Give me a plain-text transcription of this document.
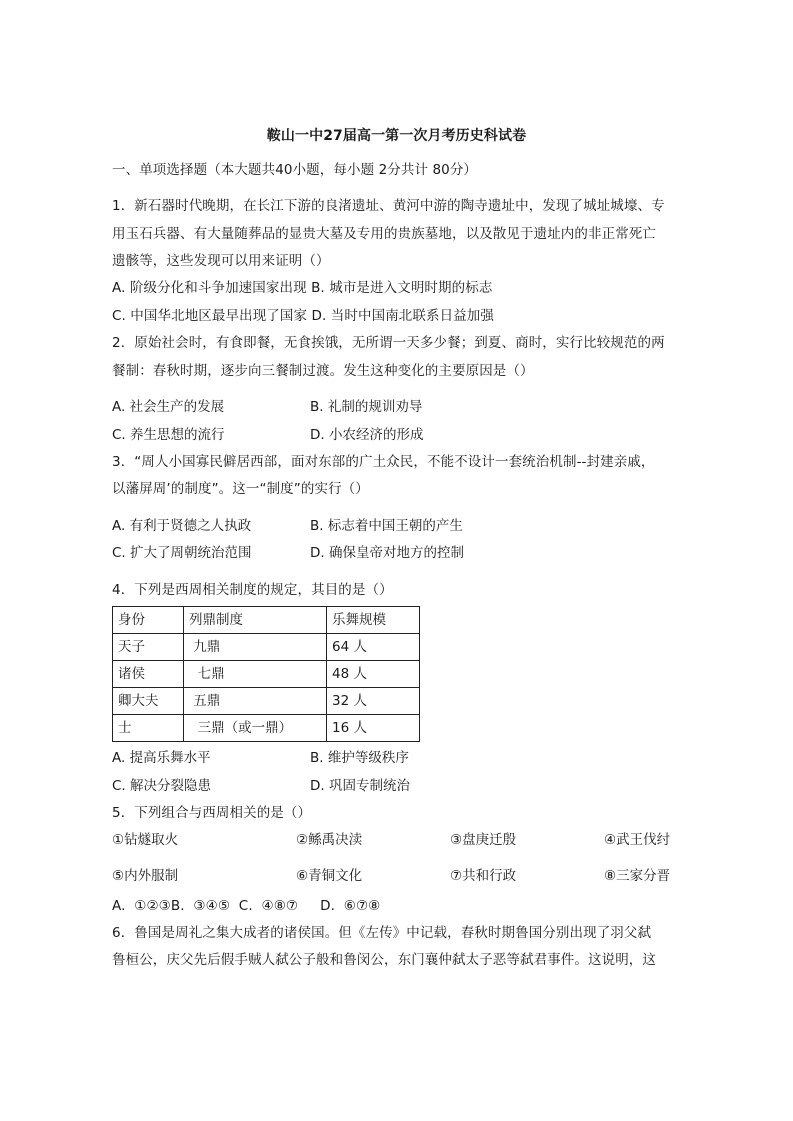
鞍山一中27届高一第一次月考历史科试卷
一、单项选择题（本大题共40小题，每小题 2分共计 80分）
1．新石器时代晚期，在长江下游的良渚遗址、黄河中游的陶寺遗址中，发现了城址城壕、专
用玉石兵器、有大量随葬品的显贵大墓及专用的贵族墓地，以及散见于遗址内的非正常死亡
遗骸等，这些发现可以用来证明（）
A. 阶级分化和斗争加速国家出现 B. 城市是进入文明时期的标志
C. 中国华北地区最早出现了国家 D. 当时中国南北联系日益加强
2．原始社会时，有食即餐，无食挨饿，无所谓一天多少餐；到夏、商时，实行比较规范的两
餐制：春秋时期，逐步向三餐制过渡。发生这种变化的主要原因是（）
A. 社会生产的发展	B. 礼制的规训劝导
C. 养生思想的流行	D. 小农经济的形成
3．“周人小国寡民僻居西部，面对东部的广土众民，不能不设计一套统治机制--封建亲戚，
以藩屏周’的制度”。这一“制度”的实行（）
A. 有利于贤德之人执政	B. 标志着中国王朝的产生
C. 扩大了周朝统治范围	D. 确保皇帝对地方的控制
4．下列是西周相关制度的规定，其目的是（）
身份	列鼎制度	乐舞规模
天子	九鼎	64 人
诸侯	七鼎	48 人
卿大夫	五鼎	32 人
士	三鼎（或一鼎）	16 人
A. 提高乐舞水平	B. 维护等级秩序
C. 解决分裂隐患	D. 巩固专制统治
5．下列组合与西周相关的是（）
①钻燧取火	②鲧禹决渎	③盘庚迁殷	④武王伐纣
⑤内外服制	⑥青铜文化	⑦共和行政	⑧三家分晋
A.  ①②③B.  ③④⑤  C.  ④⑧⑦     D.  ⑥⑦⑧
6．鲁国是周礼之集大成者的诸侯国。但《左传》中记载，春秋时期鲁国分别出现了羽父弑
鲁桓公，庆父先后假手贼人弑公子般和鲁闵公，东门襄仲弑太子恶等弑君事件。这说明，这
